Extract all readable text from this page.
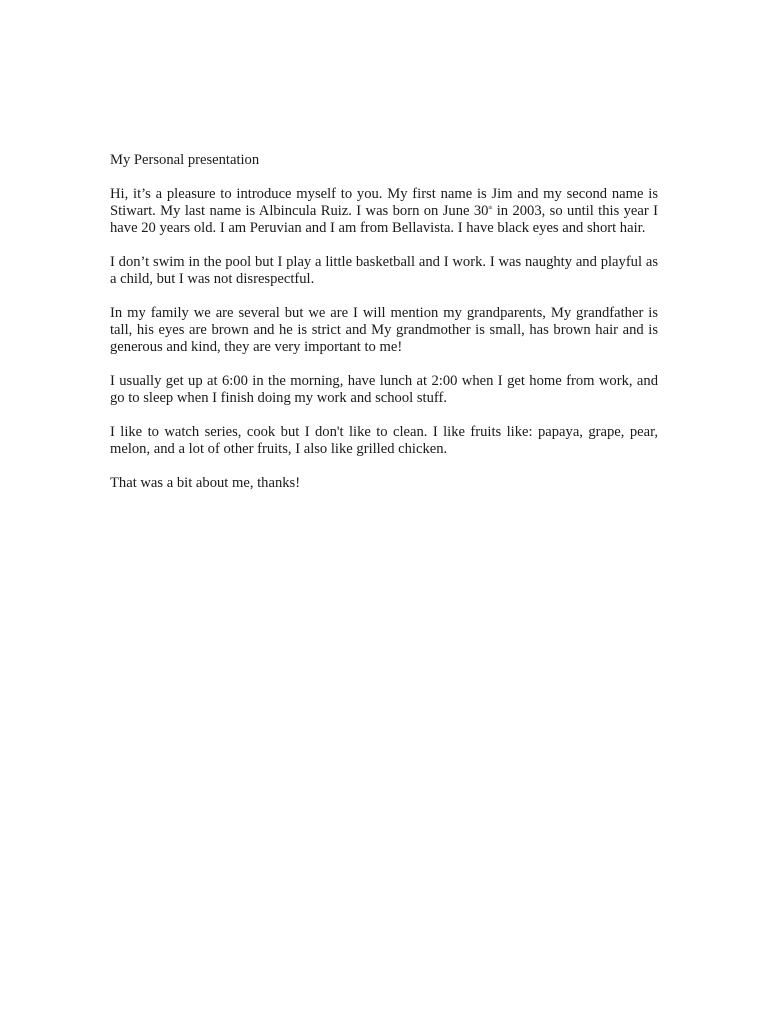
My Personal presentation

Hi, it’s a pleasure to introduce myself to you. My first name is Jim and my second name is Stiwart. My last name is Albincula Ruiz. I was born on June 30th in 2003, so until this year I have 20 years old. I am Peruvian and I am from Bellavista. I have black eyes and short hair.

I don’t swim in the pool but I play a little basketball and I work. I was naughty and playful as a child, but I was not disrespectful.

In my family we are several but we are I will mention my grandparents, My grandfather is tall, his eyes are brown and he is strict and My grandmother is small, has brown hair and is generous and kind, they are very important to me!

I usually get up at 6:00 in the morning, have lunch at 2:00 when I get home from work, and go to sleep when I finish doing my work and school stuff.

I like to watch series, cook but I don't like to clean. I like fruits like: papaya, grape, pear, melon, and a lot of other fruits, I also like grilled chicken.

That was a bit about me, thanks!
